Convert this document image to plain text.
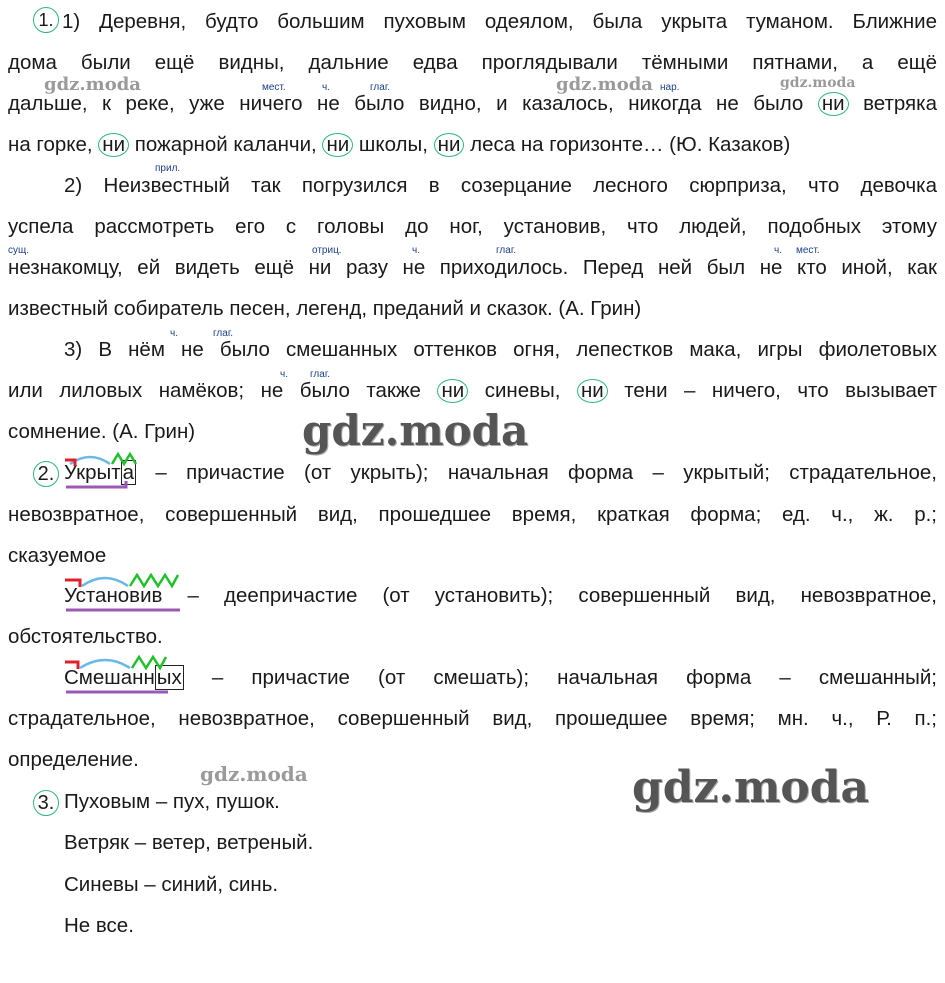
1. 1) Деревня, будто большим пуховым одеялом, была укрыта туманом. Ближние
дома были ещё видны, дальние едва проглядывали тёмными пятнами, а ещё
дальше, к реке, уже ничего не было видно, и казалось, никогда не было ни ветряка
на горке, ни пожарной каланчи, ни школы, ни леса на горизонте… (Ю. Казаков)
мест.	ч.	глаг.	нар.
2) Неизвестный так погрузился в созерцание лесного сюрприза, что девочка
успела рассмотреть его с головы до ног, установив, что людей, подобных этому
незнакомцу, ей видеть ещё ни разу не приходилось. Перед ней был не кто иной, как
известный собиратель песен, легенд, преданий и сказок. (А. Грин)
прил.
сущ.	отриц.	ч.	глаг.	ч. мест.
3) В нём не было смешанных оттенков огня, лепестков мака, игры фиолетовых
или лиловых намёков; не было также ни синевы, ни тени – ничего, что вызывает
сомнение. (А. Грин)
ч.	глаг.
ч. глаг.
2. Укрыта – причастие (от укрыть); начальная форма – укрытый; страдательное,
невозвратное, совершенный вид, прошедшее время, краткая форма; ед. ч., ж. р.;
сказуемое
Установив – деепричастие (от установить); совершенный вид, невозвратное,
обстоятельство.
Смешанных – причастие (от смешать); начальная форма – смешанный;
страдательное, невозвратное, совершенный вид, прошедшее время; мн. ч., Р. п.;
определение.
3. Пуховым – пух, пушок.
Ветряк – ветер, ветреный.
Синевы – синий, синь.
Не все.
gdz.moda	gdz.moda	gdz.moda
gdz.moda
gdz.moda	gdz.moda
